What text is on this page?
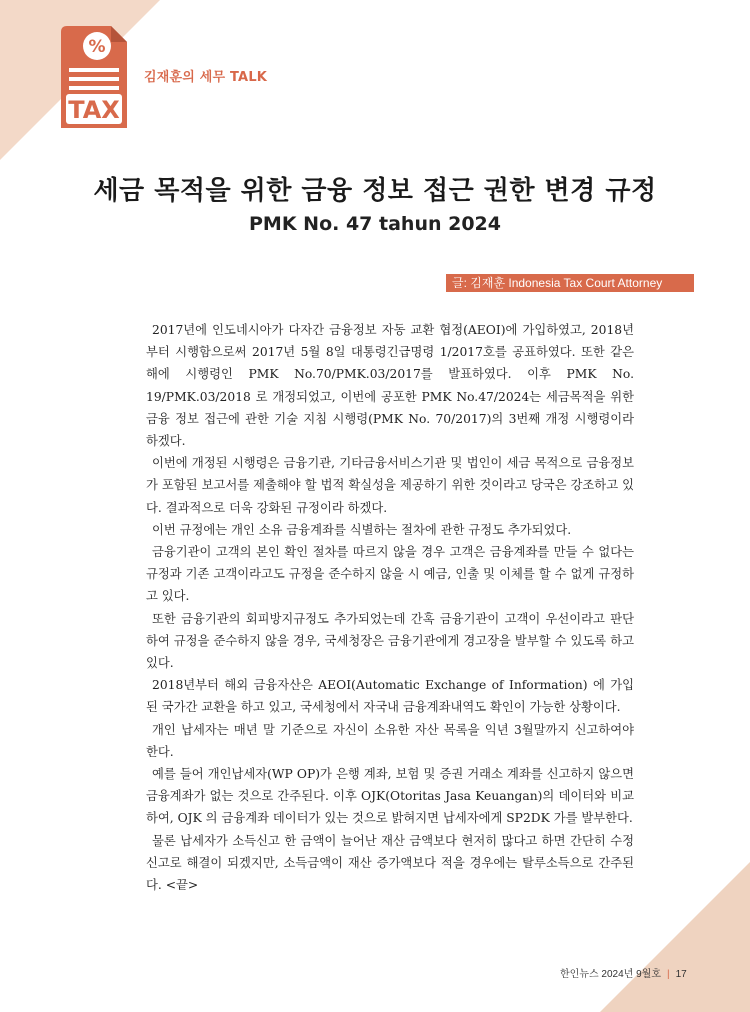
%
TAX
김재훈의 세무 TALK
세금 목적을 위한 금융 정보 접근 권한 변경 규정
PMK No. 47 tahun 2024
글: 김재훈 Indonesia Tax Court Attorney

2017년에 인도네시아가 다자간 금융정보 자동 교환 협정(AEOI)에 가입하였고, 2018년부터 시행함으로써 2017년 5월 8일 대통령긴급명령 1/2017호를 공표하였다. 또한 같은 해에 시행령인 PMK No.70/PMK.03/2017를 발표하였다. 이후 PMK No. 19/PMK.03/2018 로 개정되었고, 이번에 공포한 PMK No.47/2024는 세금목적을 위한 금융 정보 접근에 관한 기술 지침 시행령(PMK No. 70/2017)의 3번째 개정 시행령이라 하겠다.

이번에 개정된 시행령은 금융기관, 기타금융서비스기관 및 법인이 세금 목적으로 금융정보가 포함된 보고서를 제출해야 할 법적 확실성을 제공하기 위한 것이라고 당국은 강조하고 있다. 결과적으로 더욱 강화된 규정이라 하겠다.

이번 규정에는 개인 소유 금융계좌를 식별하는 절차에 관한 규정도 추가되었다.

금융기관이 고객의 본인 확인 절차를 따르지 않을 경우 고객은 금융계좌를 만들 수 없다는 규정과 기존 고객이라고도 규정을 준수하지 않을 시 예금, 인출 및 이체를 할 수 없게 규정하고 있다.

또한 금융기관의 회피방지규정도 추가되었는데 간혹 금융기관이 고객이 우선이라고 판단하여 규정을 준수하지 않을 경우, 국세청장은 금융기관에게 경고장을 발부할 수 있도록 하고 있다.

2018년부터 해외 금융자산은 AEOI(Automatic Exchange of Information) 에 가입된 국가간 교환을 하고 있고, 국세청에서 자국내 금융계좌내역도 확인이 가능한 상황이다.

개인 납세자는 매년 말 기준으로 자신이 소유한 자산 목록을 익년 3월말까지 신고하여야 한다.

예를 들어 개인납세자(WP OP)가 은행 계좌, 보험 및 증권 거래소 계좌를 신고하지 않으면 금융계좌가 없는 것으로 간주된다. 이후 OJK(Otoritas Jasa Keuangan)의 데이터와 비교하여, OJK 의 금융계좌 데이터가 있는 것으로 밝혀지면 납세자에게 SP2DK 가를 발부한다.

물론 납세자가 소득신고 한 금액이 늘어난 재산 금액보다 현저히 많다고 하면 간단히 수정신고로 해결이 되겠지만, 소득금액이 재산 증가액보다 적을 경우에는 탈루소득으로 간주된다. <끝>

한인뉴스 2024년 9월호 | 17
